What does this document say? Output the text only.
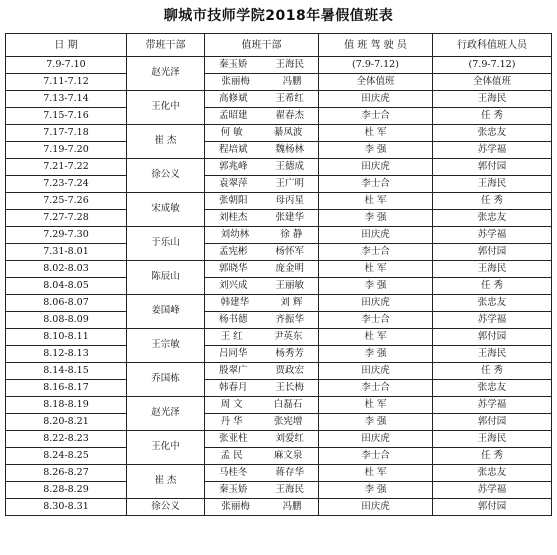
聊城市技师学院2018年暑假值班表
日 期	带班干部	值班干部	值 班 驾 驶 员	行政科值班人员
7.9-7.10	赵光泽	秦玉娇 王海民	(7.9-7.12)	(7.9-7.12)
7.11-7.12		张丽梅 冯鹏	全体值班	全体值班
7.13-7.14	王化中	高修斌 王希红	田庆虎	王海民
7.15-7.16		孟昭建 翟春杰	李士合	任 秀
7.17-7.18	崔 杰	何 敏 綦凤波	杜 军	张忠友
7.19-7.20		程培斌 魏杨林	李 强	苏学福
7.21-7.22	徐公义	郭兆峰 王德成	田庆虎	郭付园
7.23-7.24		袁翠萍 王广明	李士合	王海民
7.25-7.26	宋成敏	张朝阳 母丙星	杜 军	任 秀
7.27-7.28		刘桂杰 张建华	李 强	张忠友
7.29-7.30	于乐山	刘幼林 徐 静	田庆虎	苏学福
7.31-8.01		孟宪彬 杨怀军	李士合	郭付园
8.02-8.03	陈辰山	郭晓华 庞金明	杜 军	王海民
8.04-8.05		刘兴成 王丽敏	李 强	任 秀
8.06-8.07	姜国峰	韩建华 刘 辉	田庆虎	张忠友
8.08-8.09		杨书德 齐振华	李士合	苏学福
8.10-8.11	王宗敏	王 红 尹英东	杜 军	郭付园
8.12-8.13		吕同华 杨秀芳	李 强	王海民
8.14-8.15	乔国栋	殷翠广 贾政宏	田庆虎	任 秀
8.16-8.17		韩春月 王长梅	李士合	张忠友
8.18-8.19	赵光泽	周 文 白磊石	杜 军	苏学福
8.20-8.21		丹 华 张宪增	李 强	郭付园
8.22-8.23	王化中	张亚柱 刘爱红	田庆虎	王海民
8.24-8.25		孟 民 麻文泉	李士合	任 秀
8.26-8.27	崔 杰	马桂冬 蒋存华	杜 军	张忠友
8.28-8.29		秦玉娇 王海民	李 强	苏学福
8.30-8.31	徐公义	张丽梅 冯鹏	田庆虎	郭付园
